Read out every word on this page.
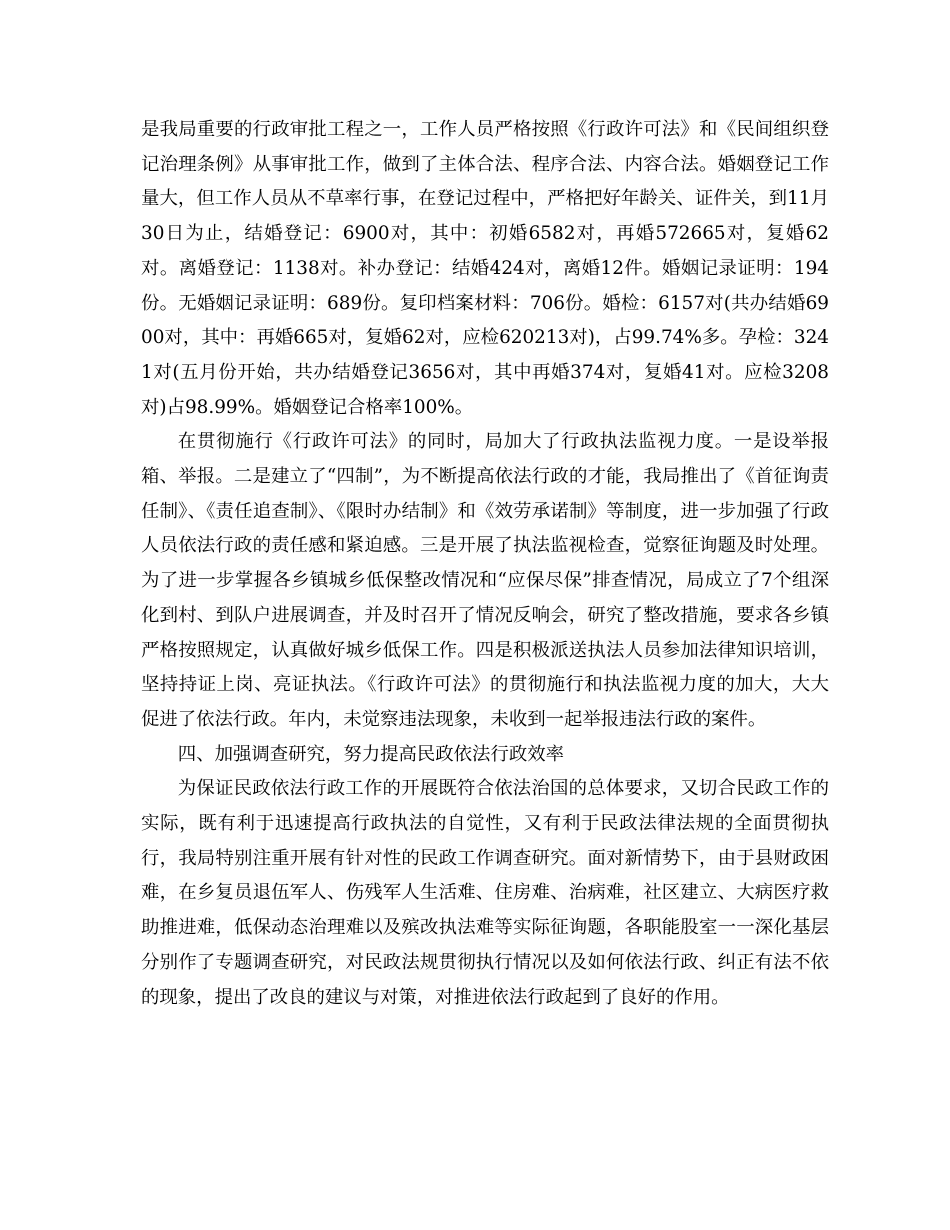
是我局重要的行政审批工程之一，工作人员严格按照《行政许可法》和《民间组织登记治理条例》从事审批工作，做到了主体合法、程序合法、内容合法。婚姻登记工作量大，但工作人员从不草率行事，在登记过程中，严格把好年龄关、证件关，到11月30日为止，结婚登记：6900对，其中：初婚6582对，再婚572665对，复婚62对。离婚登记：1138对。补办登记：结婚424对，离婚12件。婚姻记录证明：194份。无婚姻记录证明：689份。复印档案材料：706份。婚检：6157对(共办结婚6900对，其中：再婚665对，复婚62对，应检620213对)，占99.74%多。孕检：3241对(五月份开始，共办结婚登记3656对，其中再婚374对，复婚41对。应检3208对)占98.99%。婚姻登记合格率100%。

在贯彻施行《行政许可法》的同时，局加大了行政执法监视力度。一是设举报箱、举报。二是建立了“四制”，为不断提高依法行政的才能，我局推出了《首征询责任制》、《责任追查制》、《限时办结制》和《效劳承诺制》等制度，进一步加强了行政人员依法行政的责任感和紧迫感。三是开展了执法监视检查，觉察征询题及时处理。为了进一步掌握各乡镇城乡低保整改情况和“应保尽保”排查情况，局成立了7个组深化到村、到队户进展调查，并及时召开了情况反响会，研究了整改措施，要求各乡镇严格按照规定，认真做好城乡低保工作。四是积极派送执法人员参加法律知识培训，坚持持证上岗、亮证执法。《行政许可法》的贯彻施行和执法监视力度的加大，大大促进了依法行政。年内，未觉察违法现象，未收到一起举报违法行政的案件。

四、加强调查研究，努力提高民政依法行政效率

为保证民政依法行政工作的开展既符合依法治国的总体要求，又切合民政工作的实际，既有利于迅速提高行政执法的自觉性，又有利于民政法律法规的全面贯彻执行，我局特别注重开展有针对性的民政工作调查研究。面对新情势下，由于县财政困难，在乡复员退伍军人、伤残军人生活难、住房难、治病难，社区建立、大病医疗救助推进难，低保动态治理难以及殡改执法难等实际征询题，各职能股室一一深化基层分别作了专题调查研究，对民政法规贯彻执行情况以及如何依法行政、纠正有法不依的现象，提出了改良的建议与对策，对推进依法行政起到了良好的作用。
